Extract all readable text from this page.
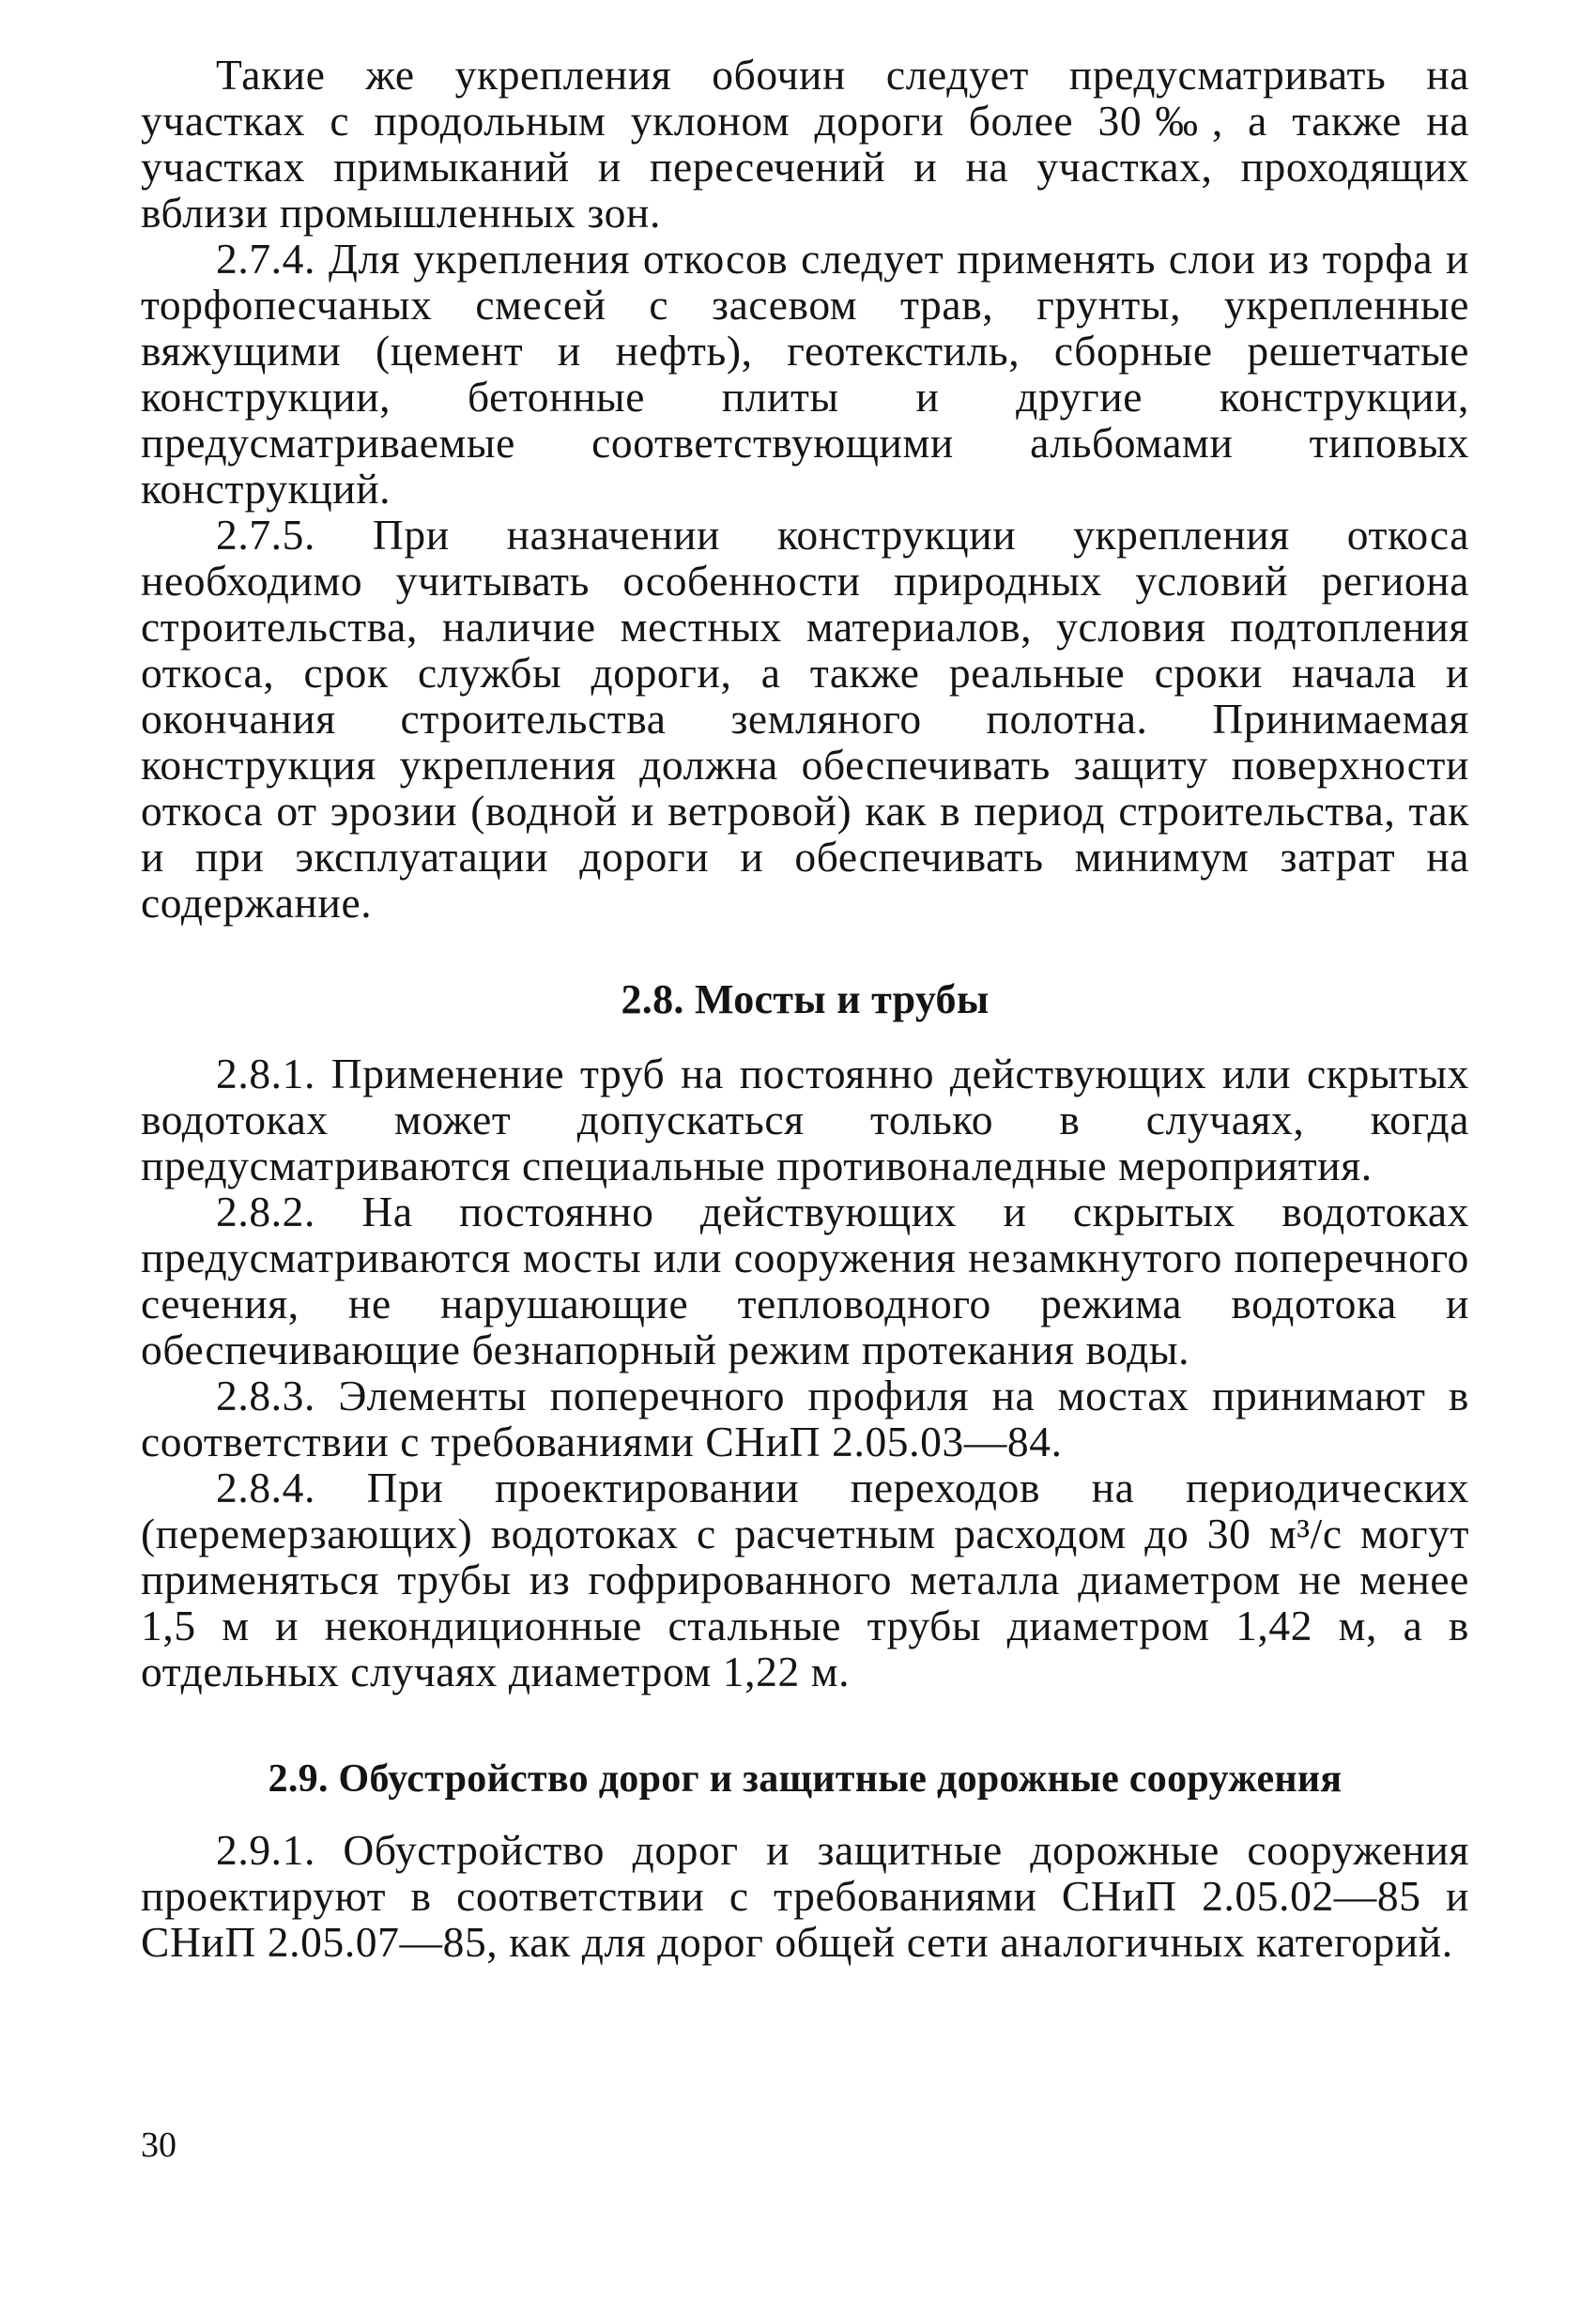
Такие же укрепления обочин следует предусматривать на участках с продольным уклоном дороги более 30‰, а также на участках примыканий и пересечений и на участках, проходящих вблизи промышленных зон.

2.7.4. Для укрепления откосов следует применять слои из торфа и торфопесчаных смесей с засевом трав, грунты, укрепленные вяжущими (цемент и нефть), геотекстиль, сборные решетчатые конструкции, бетонные плиты и другие конструкции, предусматриваемые соответствующими альбомами типовых конструкций.

2.7.5. При назначении конструкции укрепления откоса необходимо учитывать особенности природных условий региона строительства, наличие местных материалов, условия подтопления откоса, срок службы дороги, а также реальные сроки начала и окончания строительства земляного полотна. Принимаемая конструкция укрепления должна обеспечивать защиту поверхности откоса от эрозии (водной и ветровой) как в период строительства, так и при эксплуатации дороги и обеспечивать минимум затрат на содержание.

2.8. Мосты и трубы

2.8.1. Применение труб на постоянно действующих или скрытых водотоках может допускаться только в случаях, когда предусматриваются специальные противоналедные мероприятия.

2.8.2. На постоянно действующих и скрытых водотоках предусматриваются мосты или сооружения незамкнутого поперечного сечения, не нарушающие тепловодного режима водотока и обеспечивающие безнапорный режим протекания воды.

2.8.3. Элементы поперечного профиля на мостах принимают в соответствии с требованиями СНиП 2.05.03—84.

2.8.4. При проектировании переходов на периодических (перемерзающих) водотоках с расчетным расходом до 30 м³/с могут применяться трубы из гофрированного металла диаметром не менее 1,5 м и некондиционные стальные трубы диаметром 1,42 м, а в отдельных случаях диаметром 1,22 м.

2.9. Обустройство дорог и защитные дорожные сооружения

2.9.1. Обустройство дорог и защитные дорожные сооружения проектируют в соответствии с требованиями СНиП 2.05.02—85 и СНиП 2.05.07—85, как для дорог общей сети аналогичных категорий.

30
